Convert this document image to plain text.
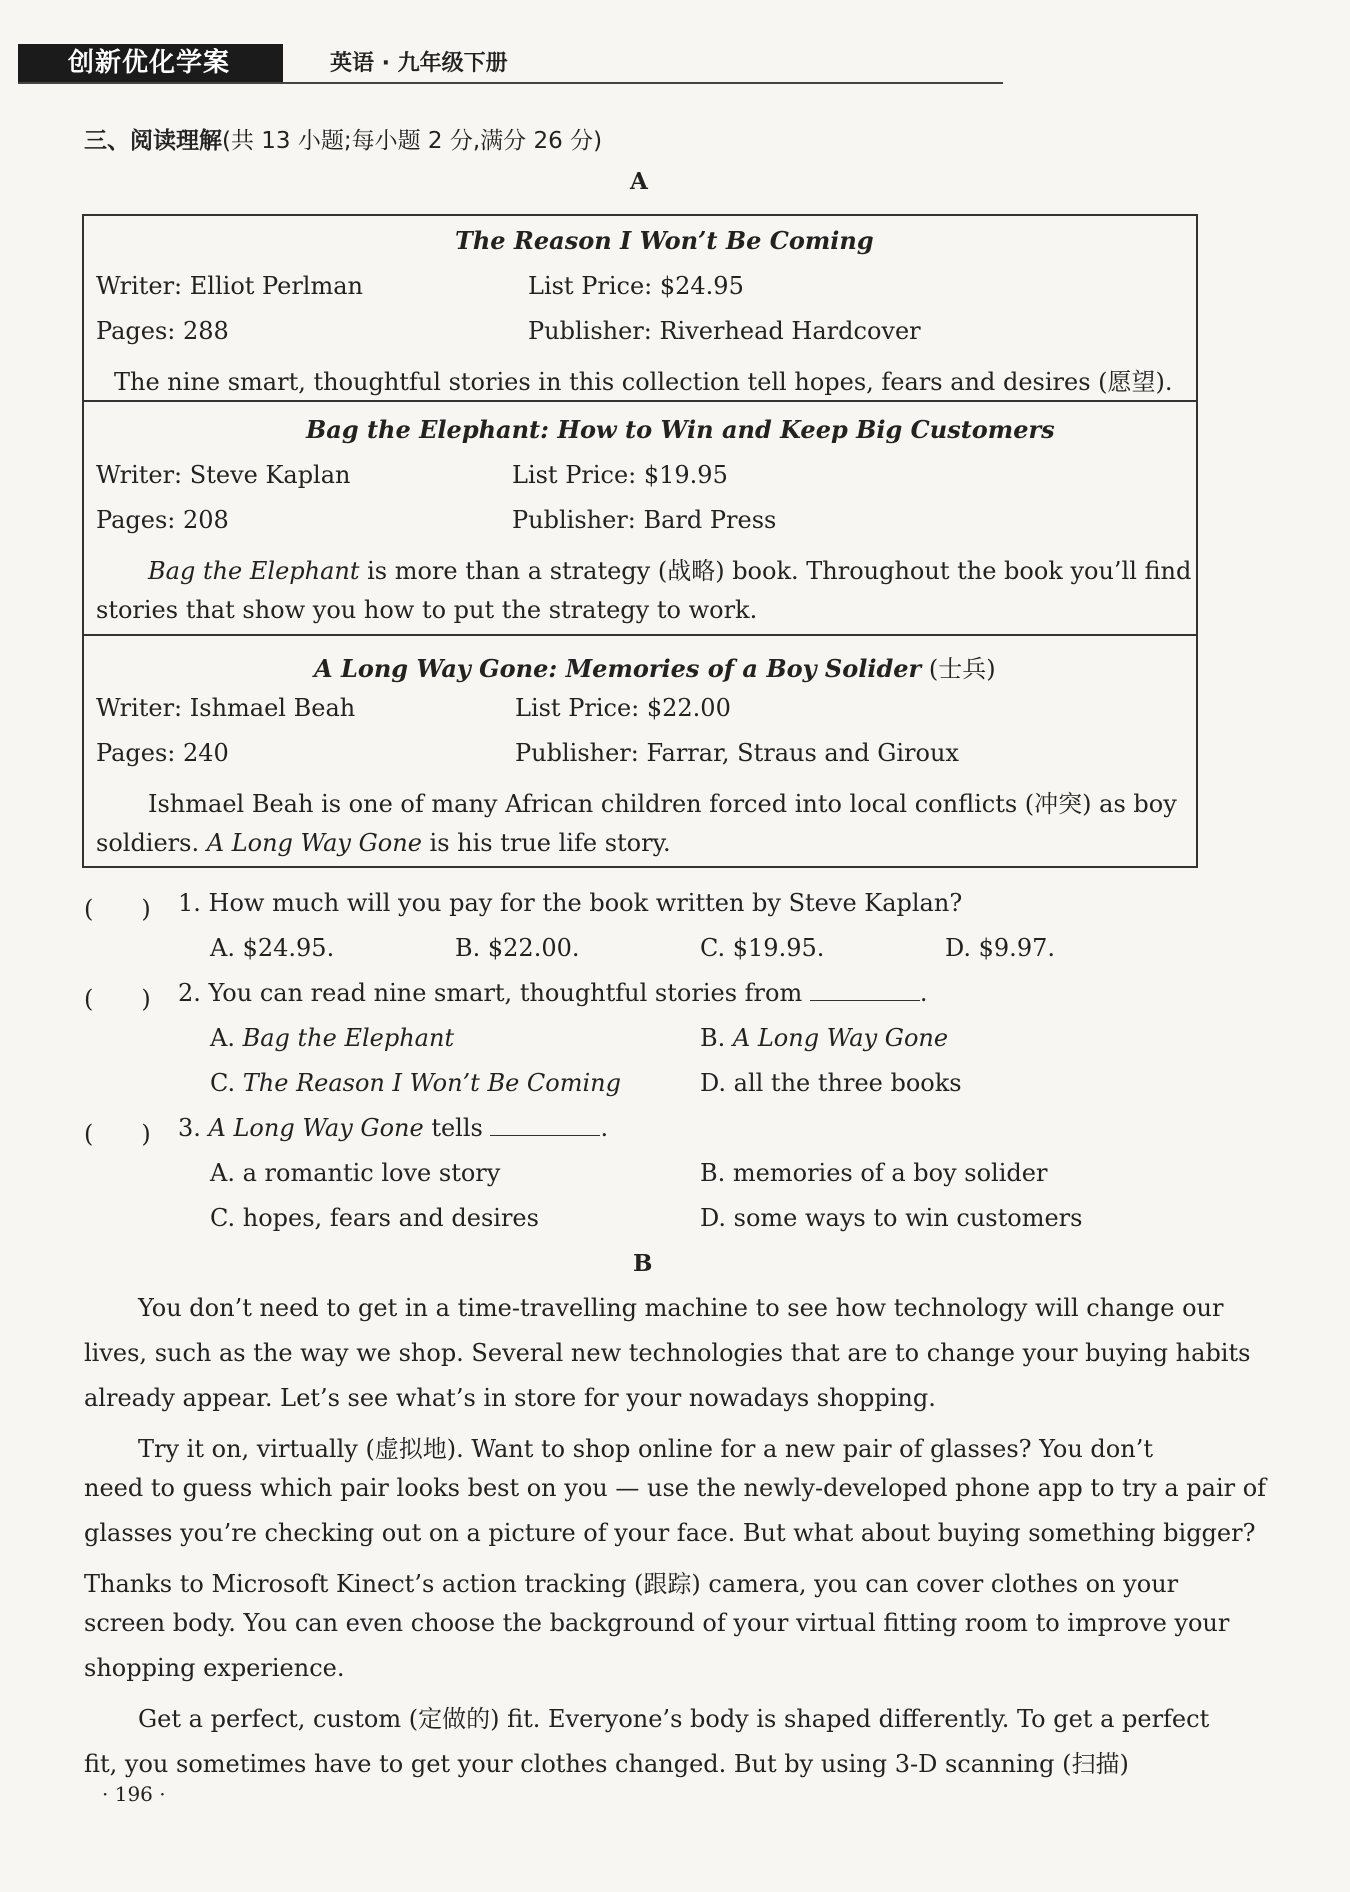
创新优化学案	英语 · 九年级下册
三、阅读理解(共 13 小题;每小题 2 分,满分 26 分)
A
The Reason I Won’t Be Coming
Writer: Elliot Perlman	List Price: $24.95
Pages: 288	Publisher: Riverhead Hardcover
The nine smart, thoughtful stories in this collection tell hopes, fears and desires (愿望).
Bag the Elephant: How to Win and Keep Big Customers
Writer: Steve Kaplan	List Price: $19.95
Pages: 208	Publisher: Bard Press
Bag the Elephant is more than a strategy (战略) book. Throughout the book you’ll find
stories that show you how to put the strategy to work.
A Long Way Gone: Memories of a Boy Solider (士兵)
Writer: Ishmael Beah	List Price: $22.00
Pages: 240	Publisher: Farrar, Straus and Giroux
Ishmael Beah is one of many African children forced into local conflicts (冲突) as boy
soldiers. A Long Way Gone is his true life story.
(　　) 1. How much will you pay for the book written by Steve Kaplan?
A. $24.95.	B. $22.00.	C. $19.95.	D. $9.97.
(　　) 2. You can read nine smart, thoughtful stories from	.
A. Bag the Elephant	B. A Long Way Gone
C. The Reason I Won’t Be Coming	D. all the three books
(　　) 3. A Long Way Gone tells	.
A. a romantic love story	B. memories of a boy solider
C. hopes, fears and desires	D. some ways to win customers
B
You don’t need to get in a time-travelling machine to see how technology will change our
lives, such as the way we shop. Several new technologies that are to change your buying habits
already appear. Let’s see what’s in store for your nowadays shopping.
Try it on, virtually (虚拟地). Want to shop online for a new pair of glasses? You don’t
need to guess which pair looks best on you — use the newly-developed phone app to try a pair of
glasses you’re checking out on a picture of your face. But what about buying something bigger?
Thanks to Microsoft Kinect’s action tracking (跟踪) camera, you can cover clothes on your
screen body. You can even choose the background of your virtual fitting room to improve your
shopping experience.
Get a perfect, custom (定做的) fit. Everyone’s body is shaped differently. To get a perfect
fit, you sometimes have to get your clothes changed. But by using 3-D scanning (扫描)
· 196 ·
